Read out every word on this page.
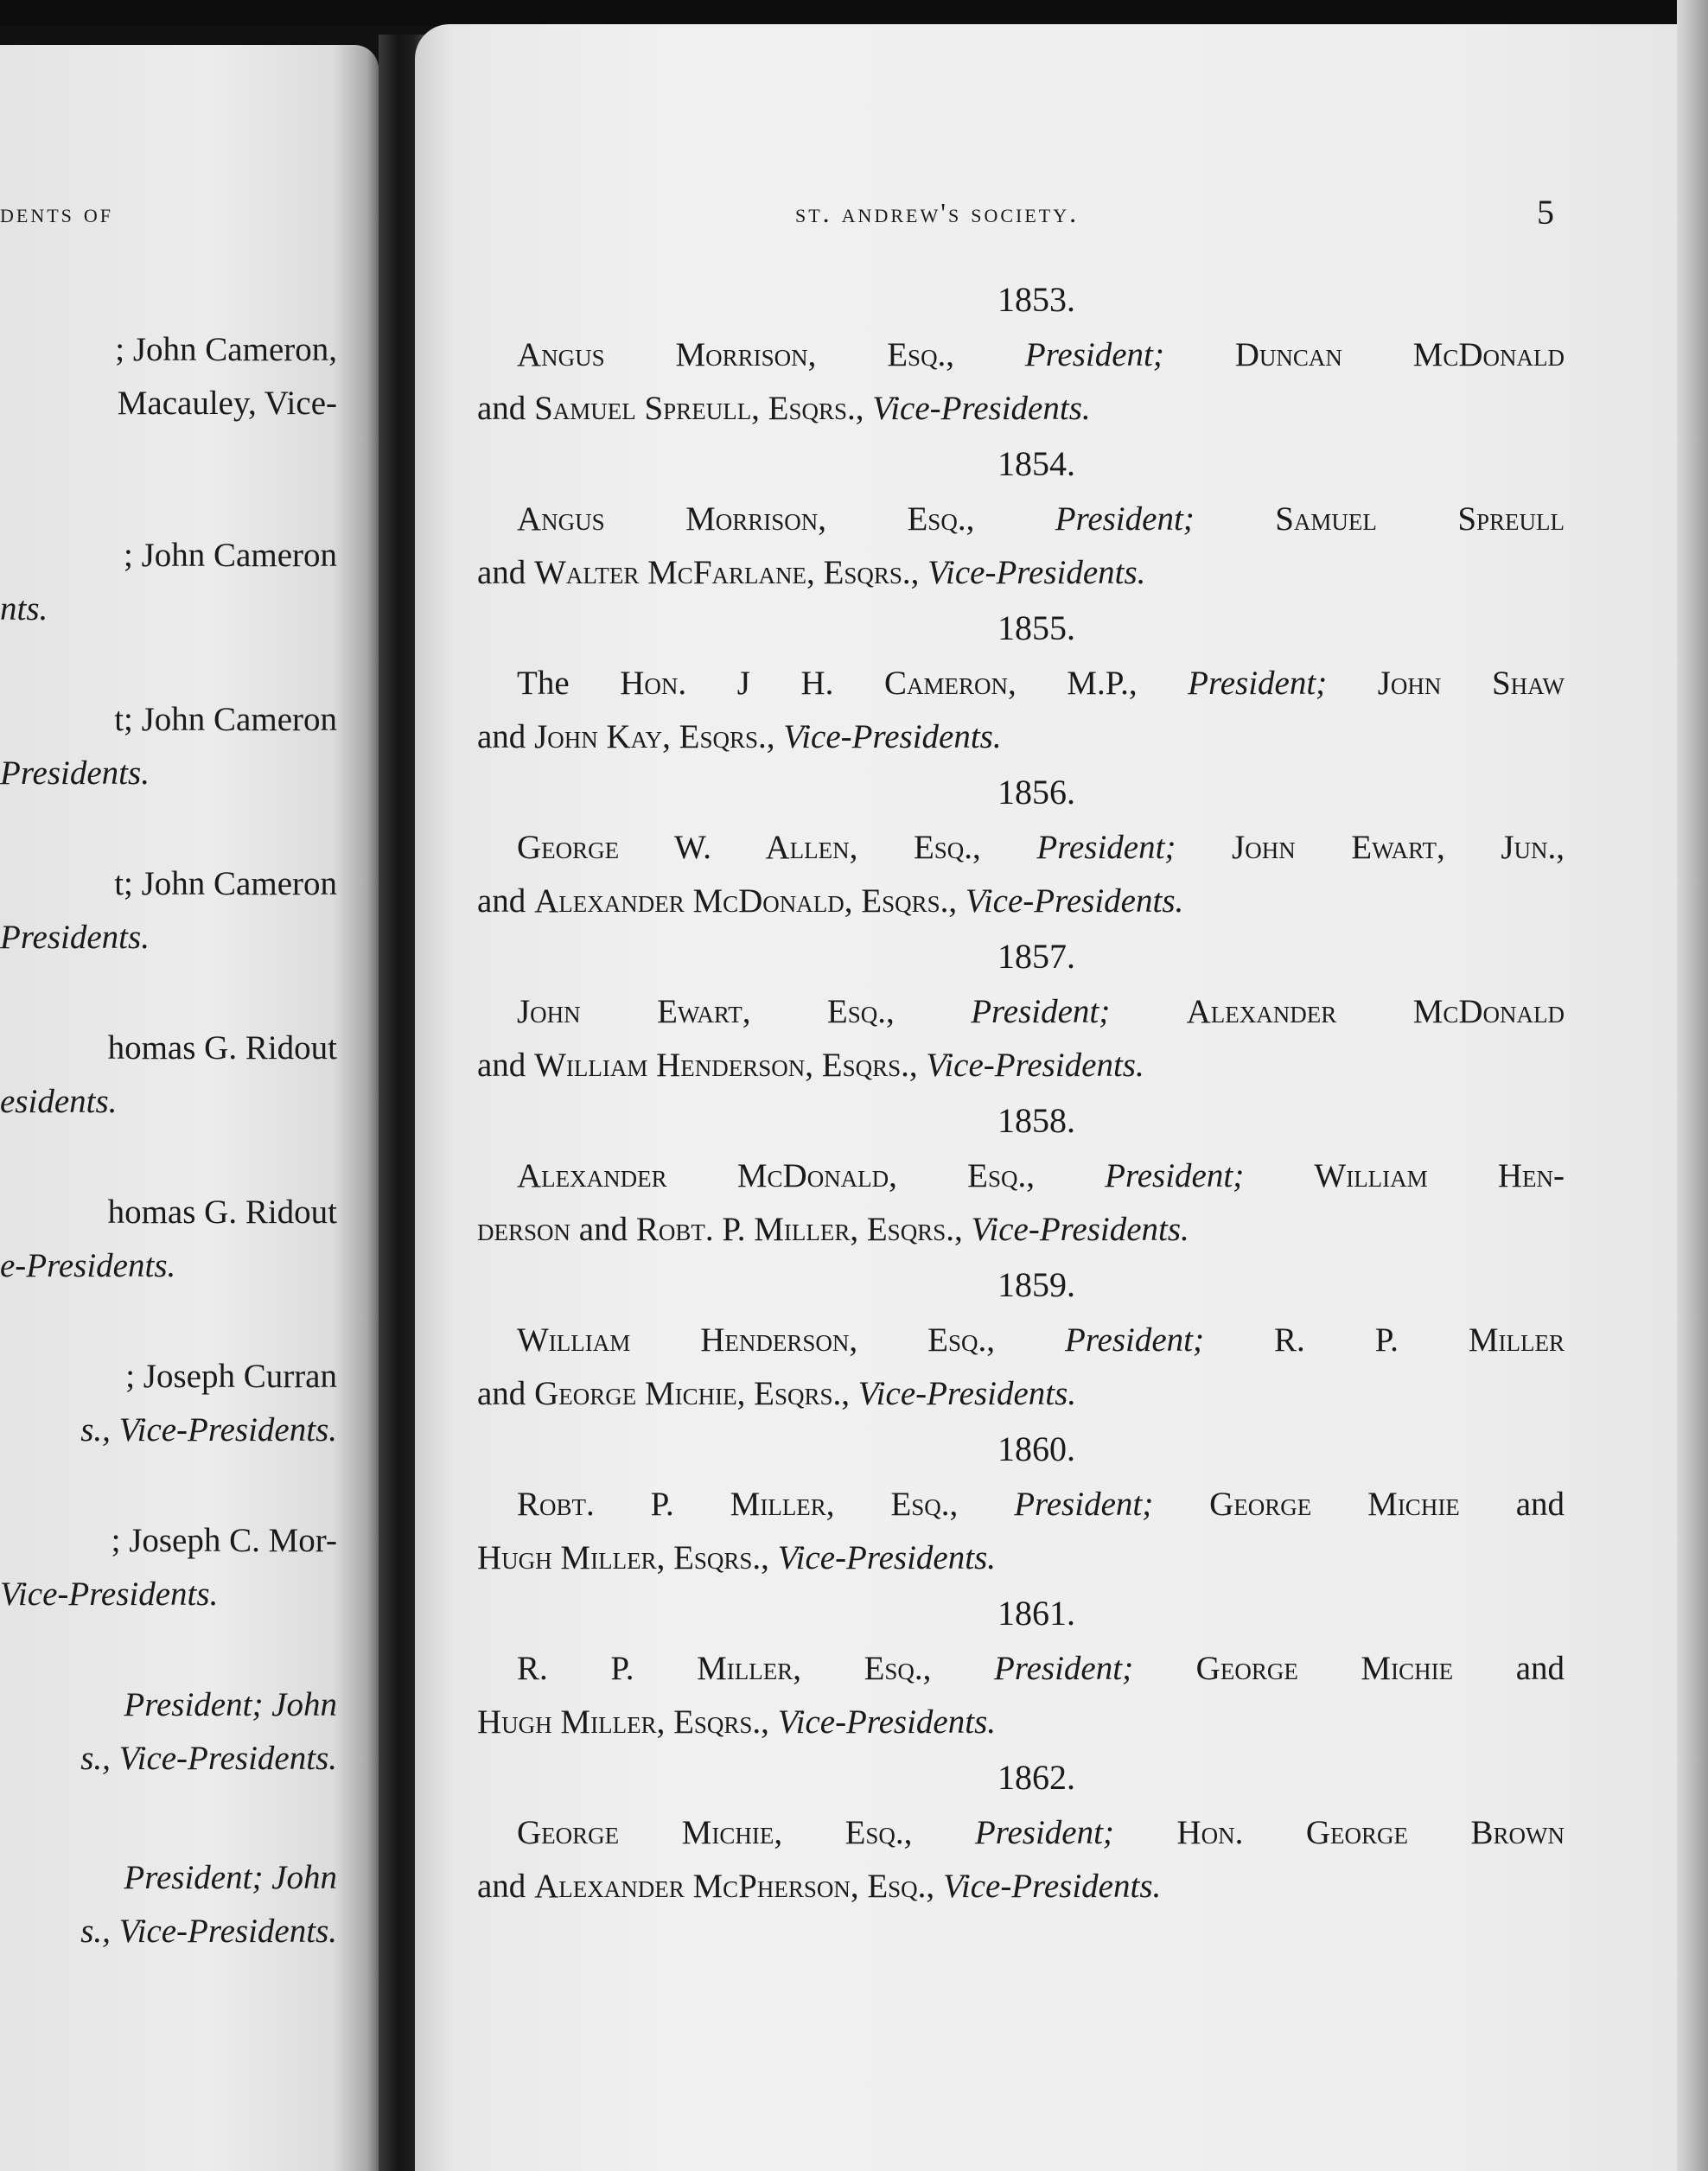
dents of
; John Cameron,
Macauley, Vice-
; John Cameron
nts.
t; John Cameron
Presidents.
t; John Cameron
Presidents.
homas G. Ridout
esidents.
homas G. Ridout
e-Presidents.
; Joseph Curran
s., Vice-Presidents.
; Joseph C. Mor-
Vice-Presidents.
President; John
s., Vice-Presidents.
President; John
s., Vice-Presidents.
st. andrew's society.	5
1853.
Angus Morrison, Esq., President; Duncan McDonald
and Samuel Spreull, Esqrs., Vice-Presidents.
1854.
Angus Morrison, Esq., President; Samuel Spreull
and Walter McFarlane, Esqrs., Vice-Presidents.
1855.
The Hon. J H. Cameron, M.P., President; John Shaw
and John Kay, Esqrs., Vice-Presidents.
1856.
George W. Allen, Esq., President; John Ewart, Jun.,
and Alexander McDonald, Esqrs., Vice-Presidents.
1857.
John Ewart, Esq., President; Alexander McDonald
and William Henderson, Esqrs., Vice-Presidents.
1858.
Alexander McDonald, Esq., President; William Hen-
derson and Robt. P. Miller, Esqrs., Vice-Presidents.
1859.
William Henderson, Esq., President; R. P. Miller
and George Michie, Esqrs., Vice-Presidents.
1860.
Robt. P. Miller, Esq., President; George Michie and
Hugh Miller, Esqrs., Vice-Presidents.
1861.
R. P. Miller, Esq., President; George Michie and
Hugh Miller, Esqrs., Vice-Presidents.
1862.
George Michie, Esq., President; Hon. George Brown
and Alexander McPherson, Esq., Vice-Presidents.
